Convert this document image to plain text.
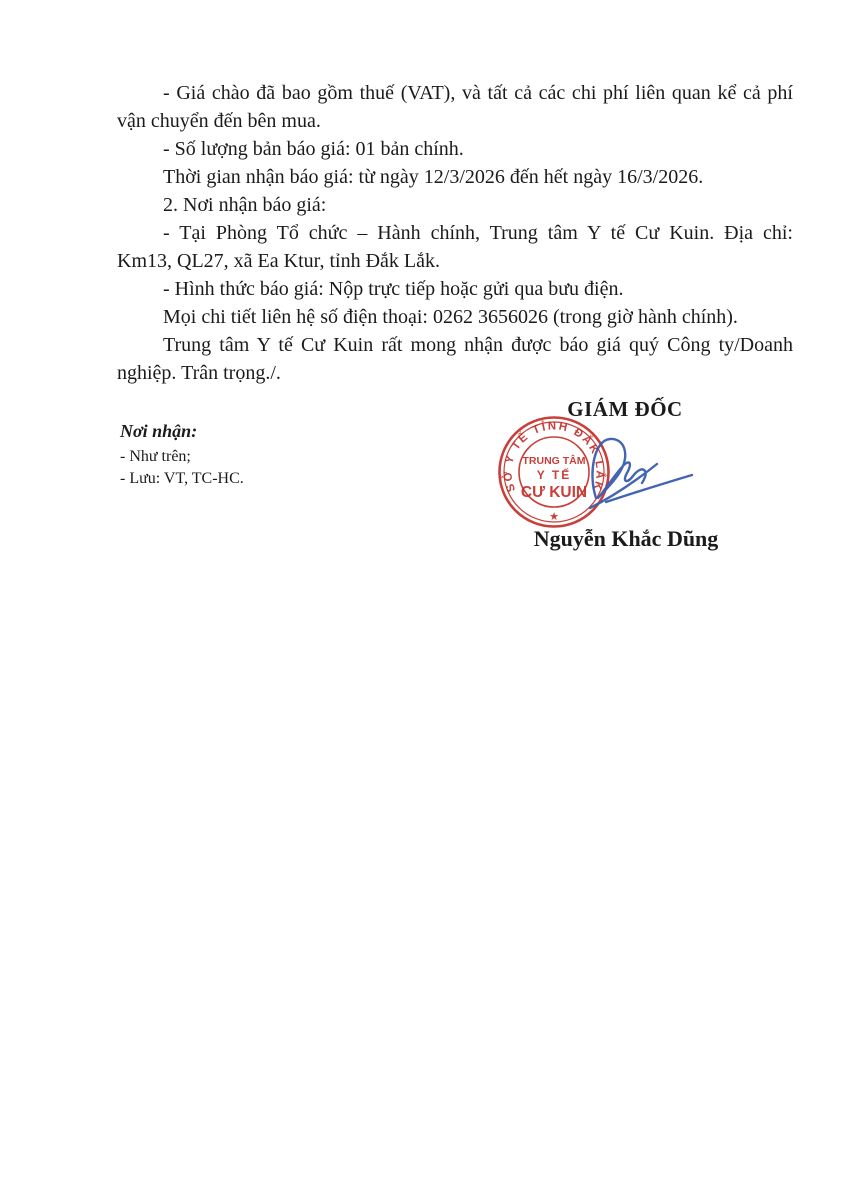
- Giá chào đã bao gồm thuế (VAT), và tất cả các chi phí liên quan kể cả phí
vận chuyển đến bên mua.
- Số lượng bản báo giá: 01 bản chính.
Thời gian nhận báo giá: từ ngày 12/3/2026 đến hết ngày 16/3/2026.
2. Nơi nhận báo giá:
- Tại Phòng Tổ chức – Hành chính, Trung tâm Y tế Cư Kuin. Địa chỉ:
Km13, QL27, xã Ea Ktur, tỉnh Đắk Lắk.
- Hình thức báo giá: Nộp trực tiếp hoặc gửi qua bưu điện.
Mọi chi tiết liên hệ số điện thoại: 0262 3656026 (trong giờ hành chính).
Trung tâm Y tế Cư Kuin rất mong nhận được báo giá quý Công ty/Doanh
nghiệp. Trân trọng./.
GIÁM ĐỐC
Nơi nhận:
- Như trên;
- Lưu: VT, TC-HC.	SỞ Y TẾ TỈNH ĐẮK LẮK
TRUNG TÂM
Y TẾ
CƯ KUIN
★
Nguyễn Khắc Dũng
